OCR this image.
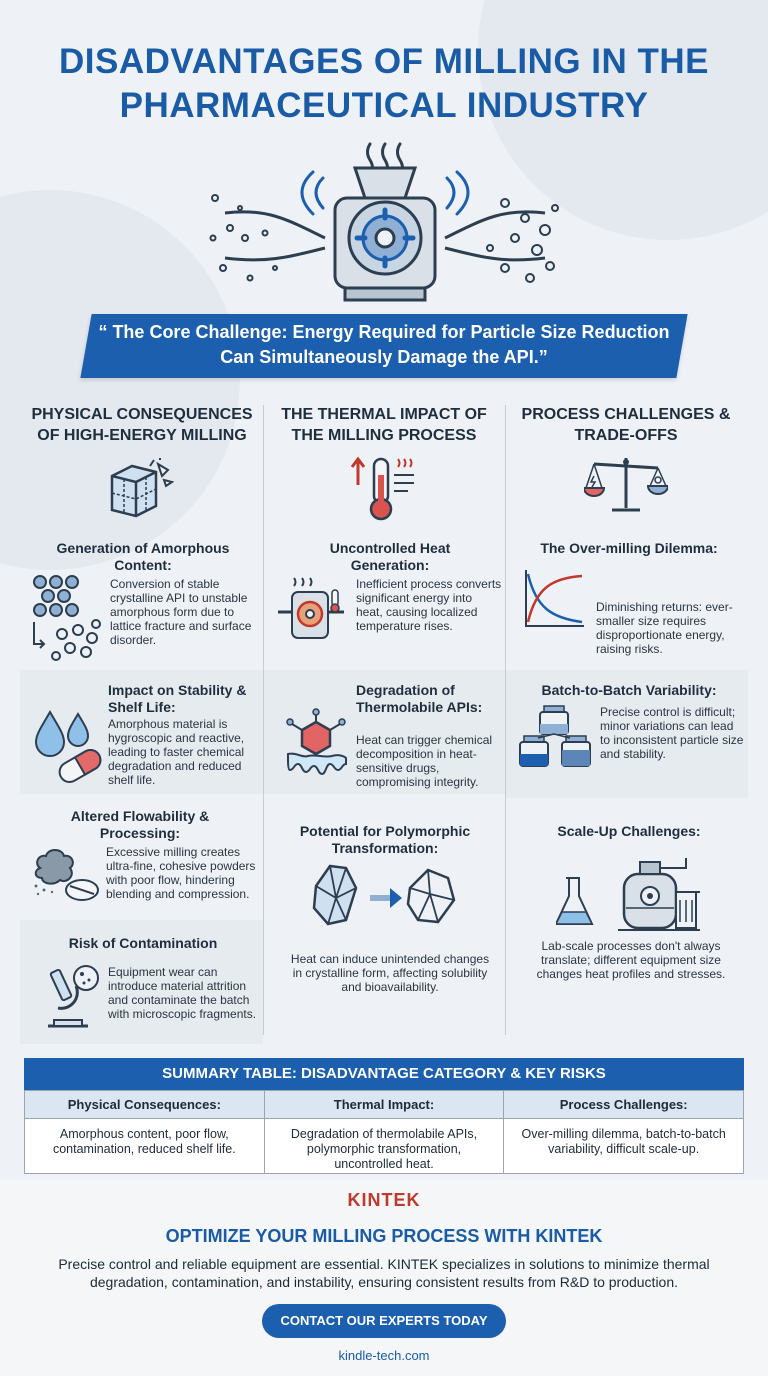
DISADVANTAGES OF MILLING IN THE PHARMACEUTICAL INDUSTRY
“ The Core Challenge: Energy Required for Particle Size Reduction Can Simultaneously Damage the API.”
PHYSICAL CONSEQUENCES OF HIGH-ENERGY MILLING
Generation of Amorphous Content:
Conversion of stable crystalline API to unstable amorphous form due to lattice fracture and surface disorder.
Impact on Stability & Shelf Life:
Amorphous material is hygroscopic and reactive, leading to faster chemical degradation and reduced shelf life.
Altered Flowability & Processing:
Excessive milling creates ultra-fine, cohesive powders with poor flow, hindering blending and compression.
Risk of Contamination
Equipment wear can introduce material attrition and contaminate the batch with microscopic fragments.
THE THERMAL IMPACT OF THE MILLING PROCESS
Uncontrolled Heat Generation:
Inefficient process converts significant energy into heat, causing localized temperature rises.
Degradation of Thermolabile APIs:
Heat can trigger chemical decomposition in heat-sensitive drugs, compromising integrity.
Potential for Polymorphic Transformation:
Heat can induce unintended changes in crystalline form, affecting solubility and bioavailability.
PROCESS CHALLENGES & TRADE-OFFS
The Over-milling Dilemma:
Diminishing returns: ever-smaller size requires disproportionate energy, raising risks.
Batch-to-Batch Variability:
Precise control is difficult; minor variations can lead to inconsistent particle size and stability.
Scale-Up Challenges:
Lab-scale processes don't always translate; different equipment size changes heat profiles and stresses.
SUMMARY TABLE: DISADVANTAGE CATEGORY & KEY RISKS
Physical Consequences:
Amorphous content, poor flow, contamination, reduced shelf life.
Thermal Impact:
Degradation of thermolabile APIs, polymorphic transformation, uncontrolled heat.
Process Challenges:
Over-milling dilemma, batch-to-batch variability, difficult scale-up.
KINTEK
OPTIMIZE YOUR MILLING PROCESS WITH KINTEK
Precise control and reliable equipment are essential. KINTEK specializes in solutions to minimize thermal degradation, contamination, and instability, ensuring consistent results from R&D to production.
CONTACT OUR EXPERTS TODAY
kindle-tech.com
